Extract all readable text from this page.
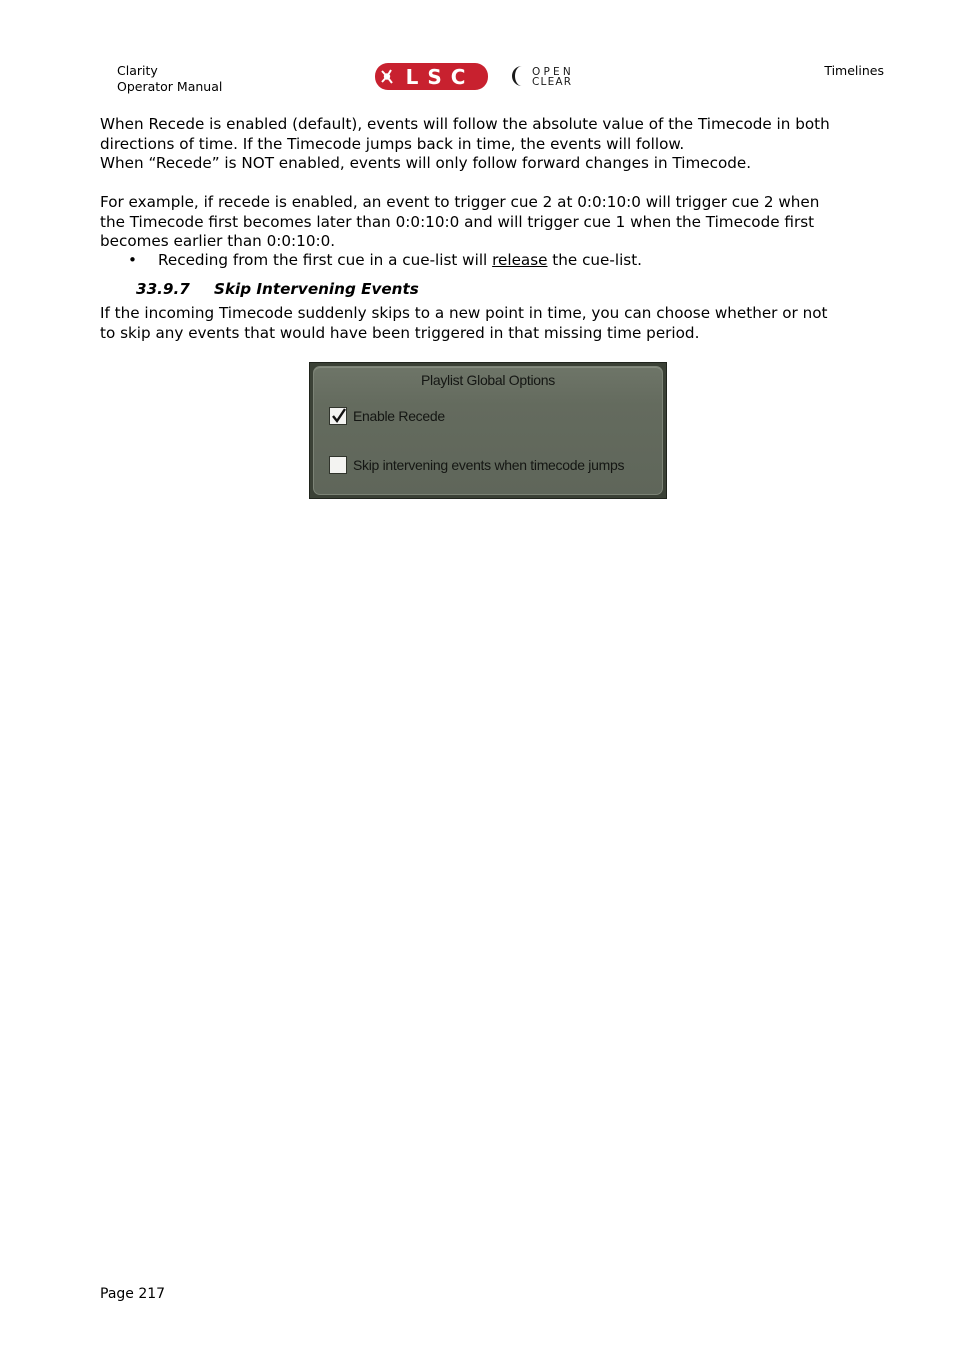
Clarity
Operator Manual	LSC	OPEN
CLEAR
Timelines
When Recede is enabled (default), events will follow the absolute value of the Timecode in both
directions of time. If the Timecode jumps back in time, the events will follow.
When “Recede” is NOT enabled, events will only follow forward changes in Timecode.
For example, if recede is enabled, an event to trigger cue 2 at 0:0:10:0 will trigger cue 2 when
the Timecode first becomes later than 0:0:10:0 and will trigger cue 1 when the Timecode first
becomes earlier than 0:0:10:0.
• Receding from the first cue in a cue-list will release the cue-list.
33.9.7 Skip Intervening Events
If the incoming Timecode suddenly skips to a new point in time, you can choose whether or not
to skip any events that would have been triggered in that missing time period.
Playlist Global Options
Enable Recede
Skip intervening events when timecode jumps
Page 217
